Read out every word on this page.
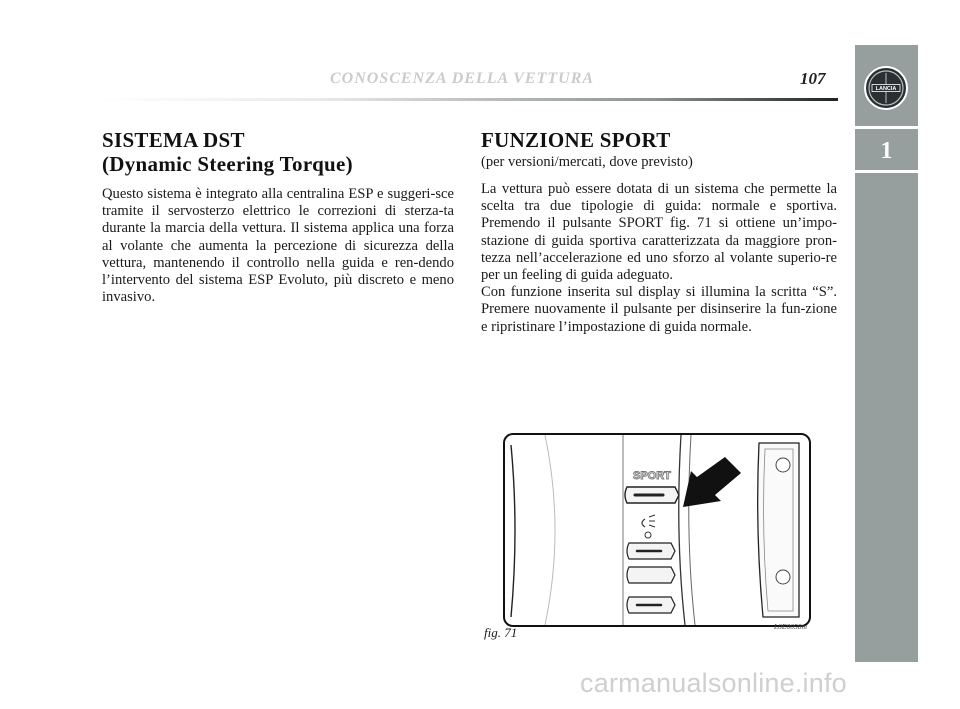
CONOSCENZA DELLA VETTURA	107
LANCIA
1
SISTEMA DST
(Dynamic Steering Torque)

Questo sistema è integrato alla centralina ESP e suggeri-sce tramite il servosterzo elettrico le correzioni di sterza-ta durante la marcia della vettura. Il sistema applica una forza al volante che aumenta la percezione di sicurezza della vettura, mantenendo il controllo nella guida e ren-dendo l’intervento del sistema ESP Evoluto, più discreto e meno invasivo.

FUNZIONE SPORT
(per versioni/mercati, dove previsto)

La vettura può essere dotata di un sistema che permette la scelta tra due tipologie di guida: normale e sportiva. Premendo il pulsante SPORT fig. 71 si ottiene un’impo-stazione di guida sportiva caratterizzata da maggiore pron-tezza nell’accelerazione ed uno sforzo al volante superio-re per un feeling di guida adeguato.

Con funzione inserita sul display si illumina la scritta “S”. Premere nuovamente il pulsante per disinserire la fun-zione e ripristinare l’impostazione di guida normale.

SPORT
fig. 71	L0E0058m
carmanualsonline.info
